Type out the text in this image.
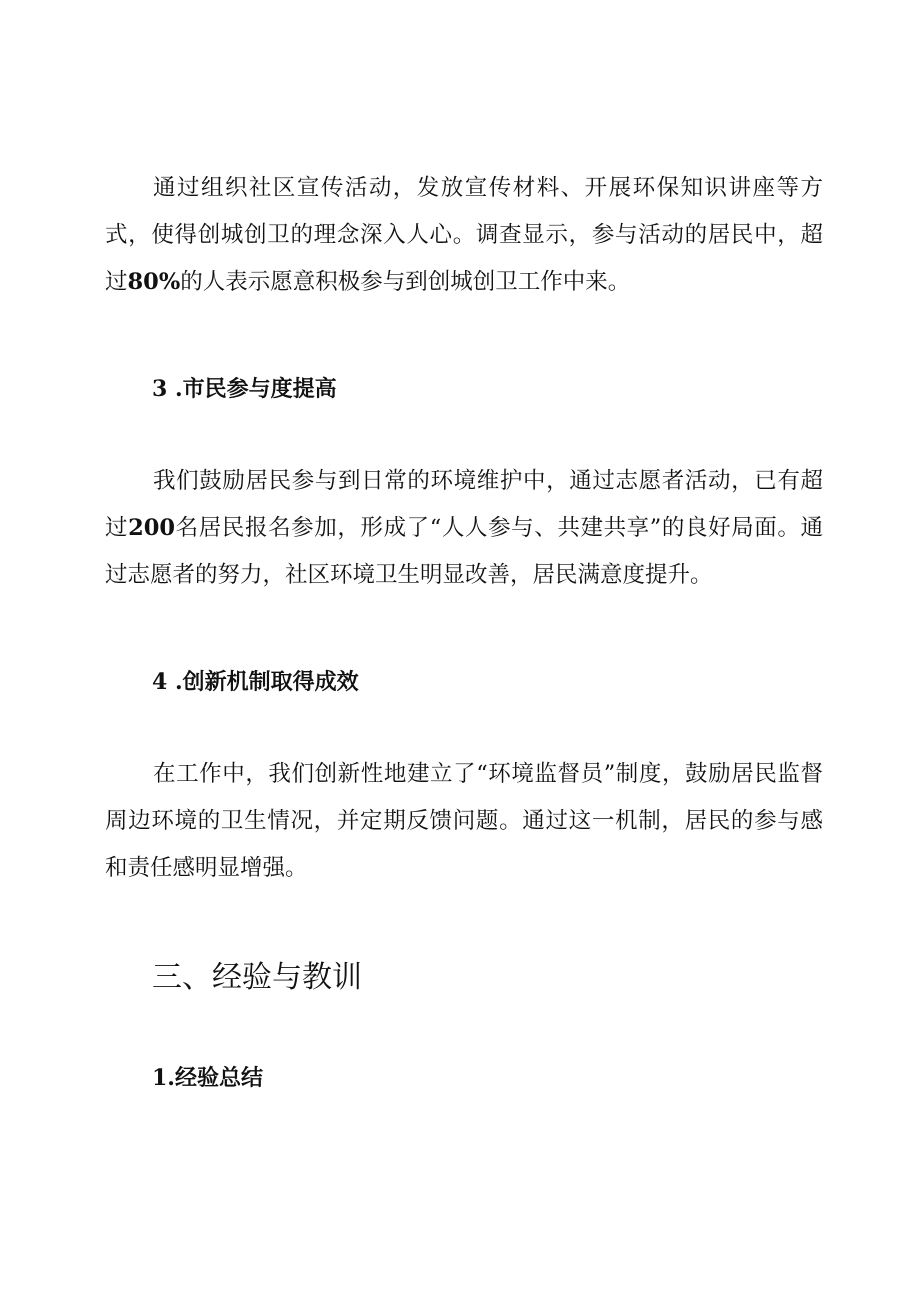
通过组织社区宣传活动，发放宣传材料、开展环保知识讲座等方式，使得创城创卫的理念深入人心。调查显示，参与活动的居民中，超过80%的人表示愿意积极参与到创城创卫工作中来。

3 .市民参与度提高

我们鼓励居民参与到日常的环境维护中，通过志愿者活动，已有超过200名居民报名参加，形成了“人人参与、共建共享”的良好局面。通过志愿者的努力，社区环境卫生明显改善，居民满意度提升。

4 .创新机制取得成效

在工作中，我们创新性地建立了“环境监督员”制度，鼓励居民监督周边环境的卫生情况，并定期反馈问题。通过这一机制，居民的参与感和责任感明显增强。

三、经验与教训
1.经验总结
